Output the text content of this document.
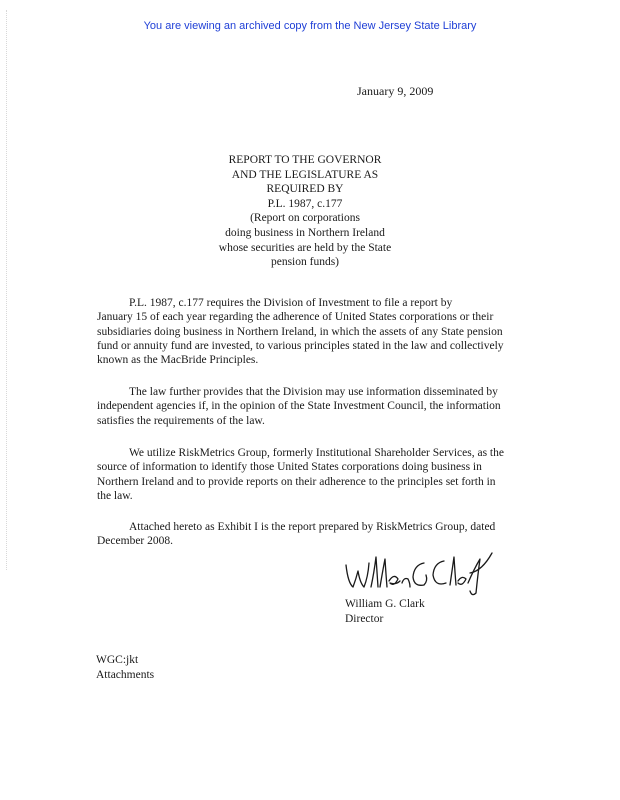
You are viewing an archived copy from the New Jersey State Library
January 9, 2009
REPORT TO THE GOVERNOR
AND THE LEGISLATURE AS
REQUIRED BY
P.L. 1987, c.177
(Report on corporations
doing business in Northern Ireland
whose securities are held by the State
pension funds)
P.L. 1987, c.177 requires the Division of Investment to file a report by
January 15 of each year regarding the adherence of United States corporations or their
subsidiaries doing business in Northern Ireland, in which the assets of any State pension
fund or annuity fund are invested, to various principles stated in the law and collectively
known as the MacBride Principles.
The law further provides that the Division may use information disseminated by
independent agencies if, in the opinion of the State Investment Council, the information
satisfies the requirements of the law.
We utilize RiskMetrics Group, formerly Institutional Shareholder Services, as the
source of information to identify those United States corporations doing business in
Northern Ireland and to provide reports on their adherence to the principles set forth in
the law.
Attached hereto as Exhibit I is the report prepared by RiskMetrics Group, dated
December 2008.
William G. Clark
Director
WGC:jkt
Attachments
